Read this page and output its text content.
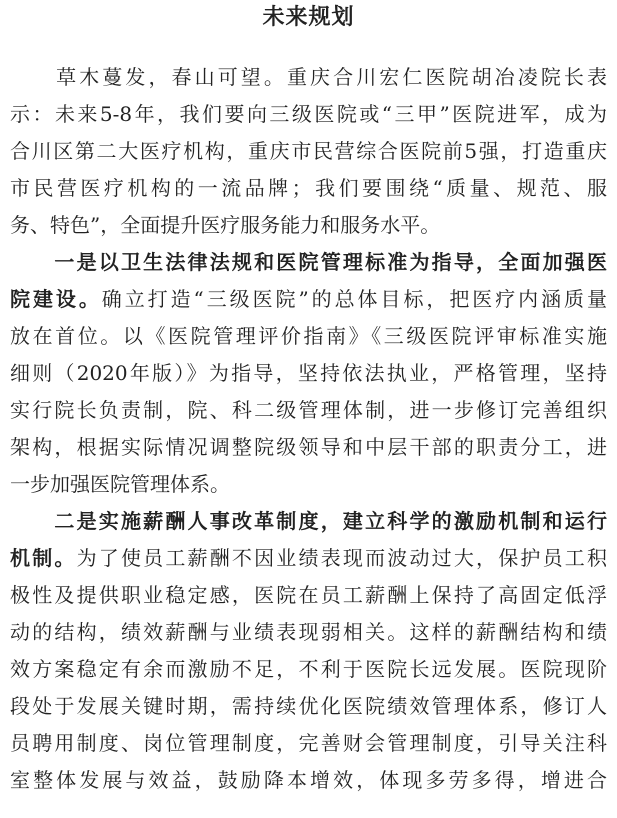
未来规划
　　草木蔓发，春山可望。重庆合川宏仁医院胡冶凌院长表
示：未来5-8年，我们要向三级医院或“三甲”医院进军，成为
合川区第二大医疗机构，重庆市民营综合医院前5强，打造重庆
市民营医疗机构的一流品牌；我们要围绕“质量、规范、服
务、特色”，全面提升医疗服务能力和服务水平。
　　一是以卫生法律法规和医院管理标准为指导，全面加强医
院建设。确立打造“三级医院”的总体目标，把医疗内涵质量
放在首位。以《医院管理评价指南》《三级医院评审标准实施
细则（2020年版）》为指导，坚持依法执业，严格管理，坚持
实行院长负责制，院、科二级管理体制，进一步修订完善组织
架构，根据实际情况调整院级领导和中层干部的职责分工，进
一步加强医院管理体系。
　　二是实施薪酬人事改革制度，建立科学的激励机制和运行
机制。为了使员工薪酬不因业绩表现而波动过大，保护员工积
极性及提供职业稳定感，医院在员工薪酬上保持了高固定低浮
动的结构，绩效薪酬与业绩表现弱相关。这样的薪酬结构和绩
效方案稳定有余而激励不足，不利于医院长远发展。医院现阶
段处于发展关键时期，需持续优化医院绩效管理体系，修订人
员聘用制度、岗位管理制度，完善财会管理制度，引导关注科
室整体发展与效益，鼓励降本增效，体现多劳多得，增进合
